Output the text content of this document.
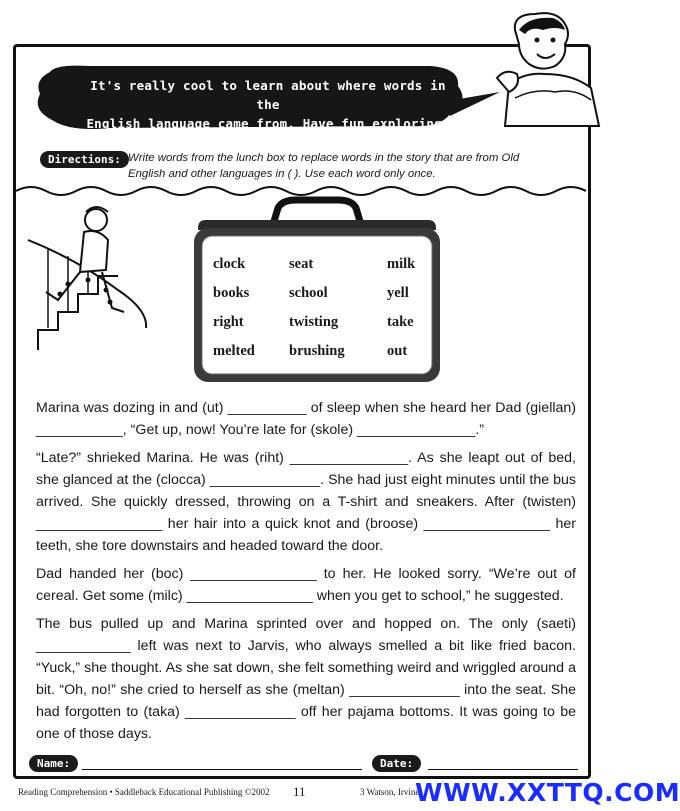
It's really cool to learn about where words in the
English language came from. Have fun exploring!
Directions: Write words from the lunch box to replace words in the story that are from Old English and other languages in ( ). Use each word only once.
clock	seat	milk
books	school	yell
right	twisting	take
melted	brushing	out

Marina was dozing in and (ut) __________ of sleep when she heard her Dad (giellan) ___________, “Get up, now! You’re late for (skole) _______________.”

“Late?” shrieked Marina. He was (riht) _______________. As she leapt out of bed, she glanced at the (clocca) ______________. She had just eight minutes until the bus arrived. She quickly dressed, throwing on a T-shirt and sneakers. After (twisten) ________________ her hair into a quick knot and (broose) ________________ her teeth, she tore downstairs and headed toward the door.

Dad handed her (boc) ________________ to her. He looked sorry. “We’re out of cereal. Get some (milc) ________________ when you get to school,” he suggested.

The bus pulled up and Marina sprinted over and hopped on. The only (saeti) ____________ left was next to Jarvis, who always smelled a bit like fried bacon. “Yuck,” she thought. As she sat down, she felt something weird and wriggled around a bit. “Oh, no!” she cried to herself as she (meltan) ______________ into the seat. She had forgotten to (taka) ______________ off her pajama bottoms. It was going to be one of those days.

Name:	Date:
Reading Comprehension • Saddleback Educational Publishing ©2002 11	3 Watson, Irvine,
WWW.XXTTQ.COM
